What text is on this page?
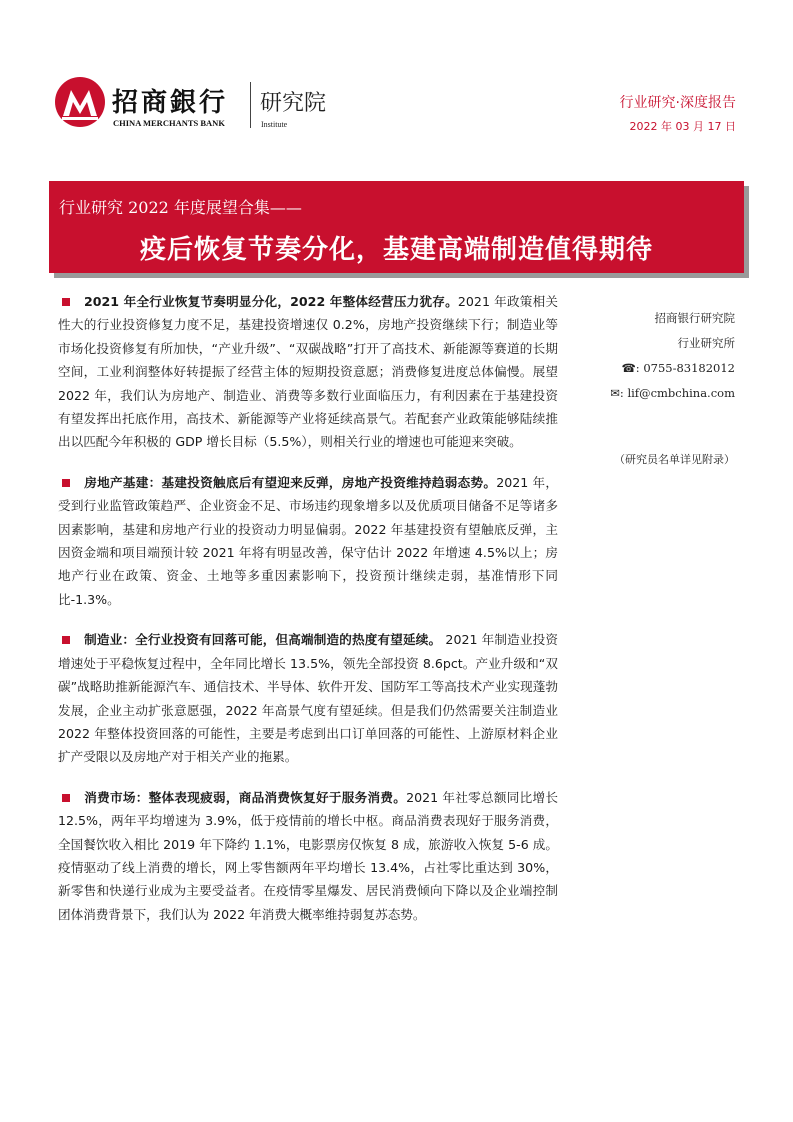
招商銀行
CHINA MERCHANTS BANK
研究院
Institute
行业研究·深度报告
2022 年 03 月 17 日
行业研究 2022 年度展望合集——
疫后恢复节奏分化，基建高端制造值得期待

2021 年全行业恢复节奏明显分化，2022 年整体经营压力犹存。2021 年政策相关性大的行业投资修复力度不足，基建投资增速仅 0.2%，房地产投资继续下行；制造业等市场化投资修复有所加快，“产业升级”、“双碳战略”打开了高技术、新能源等赛道的长期空间，工业利润整体好转提振了经营主体的短期投资意愿；消费修复进度总体偏慢。展望 2022 年，我们认为房地产、制造业、消费等多数行业面临压力，有利因素在于基建投资有望发挥出托底作用，高技术、新能源等产业将延续高景气。若配套产业政策能够陆续推出以匹配今年积极的 GDP 增长目标（5.5%），则相关行业的增速也可能迎来突破。

房地产基建：基建投资触底后有望迎来反弹，房地产投资维持趋弱态势。2021 年，受到行业监管政策趋严、企业资金不足、市场违约现象增多以及优质项目储备不足等诸多因素影响，基建和房地产行业的投资动力明显偏弱。2022 年基建投资有望触底反弹，主因资金端和项目端预计较 2021 年将有明显改善，保守估计 2022 年增速 4.5%以上；房地产行业在政策、资金、土地等多重因素影响下，投资预计继续走弱，基准情形下同比-1.3%。

制造业：全行业投资有回落可能，但高端制造的热度有望延续。 2021 年制造业投资增速处于平稳恢复过程中，全年同比增长 13.5%，领先全部投资 8.6pct。产业升级和“双碳”战略助推新能源汽车、通信技术、半导体、软件开发、国防军工等高技术产业实现蓬勃发展，企业主动扩张意愿强，2022 年高景气度有望延续。但是我们仍然需要关注制造业 2022 年整体投资回落的可能性，主要是考虑到出口订单回落的可能性、上游原材料企业扩产受限以及房地产对于相关产业的拖累。

消费市场：整体表现疲弱，商品消费恢复好于服务消费。2021 年社零总额同比增长 12.5%，两年平均增速为 3.9%，低于疫情前的增长中枢。商品消费表现好于服务消费，全国餐饮收入相比 2019 年下降约 1.1%，电影票房仅恢复 8 成，旅游收入恢复 5-6 成。疫情驱动了线上消费的增长，网上零售额两年平均增长 13.4%，占社零比重达到 30%，新零售和快递行业成为主要受益者。在疫情零星爆发、居民消费倾向下降以及企业端控制团体消费背景下，我们认为 2022 年消费大概率维持弱复苏态势。

招商银行研究院
行业研究所
☎: 0755-83182012
✉: lif@cmbchina.com
（研究员名单详见附录）
